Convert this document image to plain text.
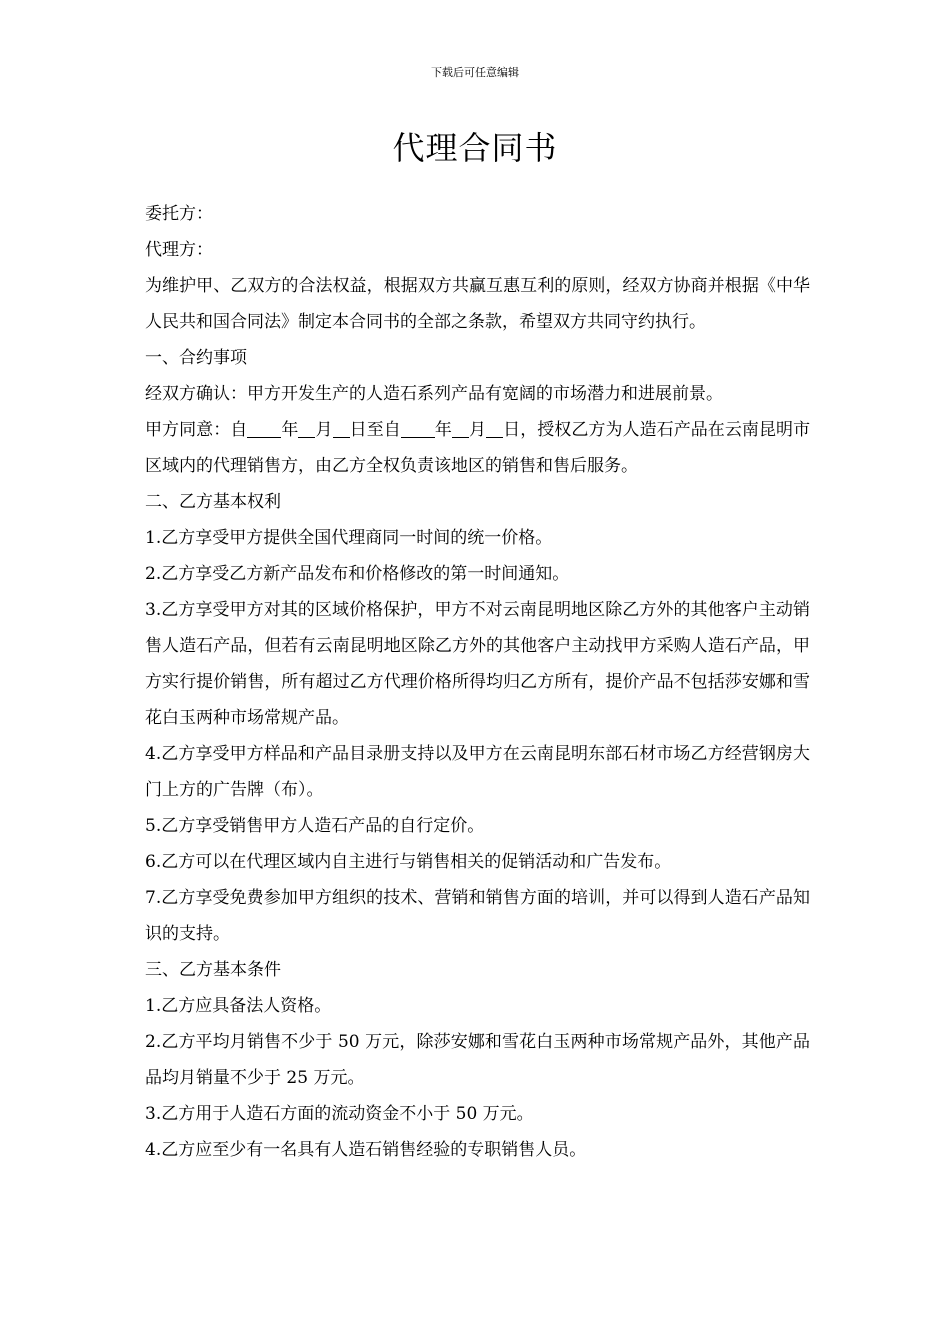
下载后可任意编辑
代理合同书

委托方：

代理方：

为维护甲、乙双方的合法权益，根据双方共赢互惠互利的原则，经双方协商并根据《中华人民共和国合同法》制定本合同书的全部之条款，希望双方共同守约执行。

一、合约事项

经双方确认：甲方开发生产的人造石系列产品有宽阔的市场潜力和进展前景。

甲方同意：自 年 月 日至自 年 月 日，授权乙方为人造石产品在云南昆明市区域内的代理销售方，由乙方全权负责该地区的销售和售后服务。

二、乙方基本权利

1.乙方享受甲方提供全国代理商同一时间的统一价格。

2.乙方享受乙方新产品发布和价格修改的第一时间通知。

3.乙方享受甲方对其的区域价格保护，甲方不对云南昆明地区除乙方外的其他客户主动销售人造石产品，但若有云南昆明地区除乙方外的其他客户主动找甲方采购人造石产品，甲方实行提价销售，所有超过乙方代理价格所得均归乙方所有，提价产品不包括莎安娜和雪花白玉两种市场常规产品。

4.乙方享受甲方样品和产品目录册支持以及甲方在云南昆明东部石材市场乙方经营钢房大门上方的广告牌（布）。

5.乙方享受销售甲方人造石产品的自行定价。

6.乙方可以在代理区域内自主进行与销售相关的促销活动和广告发布。

7.乙方享受免费参加甲方组织的技术、营销和销售方面的培训，并可以得到人造石产品知识的支持。

三、乙方基本条件

1.乙方应具备法人资格。

2.乙方平均月销售不少于 50 万元，除莎安娜和雪花白玉两种市场常规产品外，其他产品品均月销量不少于 25 万元。

3.乙方用于人造石方面的流动资金不小于 50 万元。

4.乙方应至少有一名具有人造石销售经验的专职销售人员。
